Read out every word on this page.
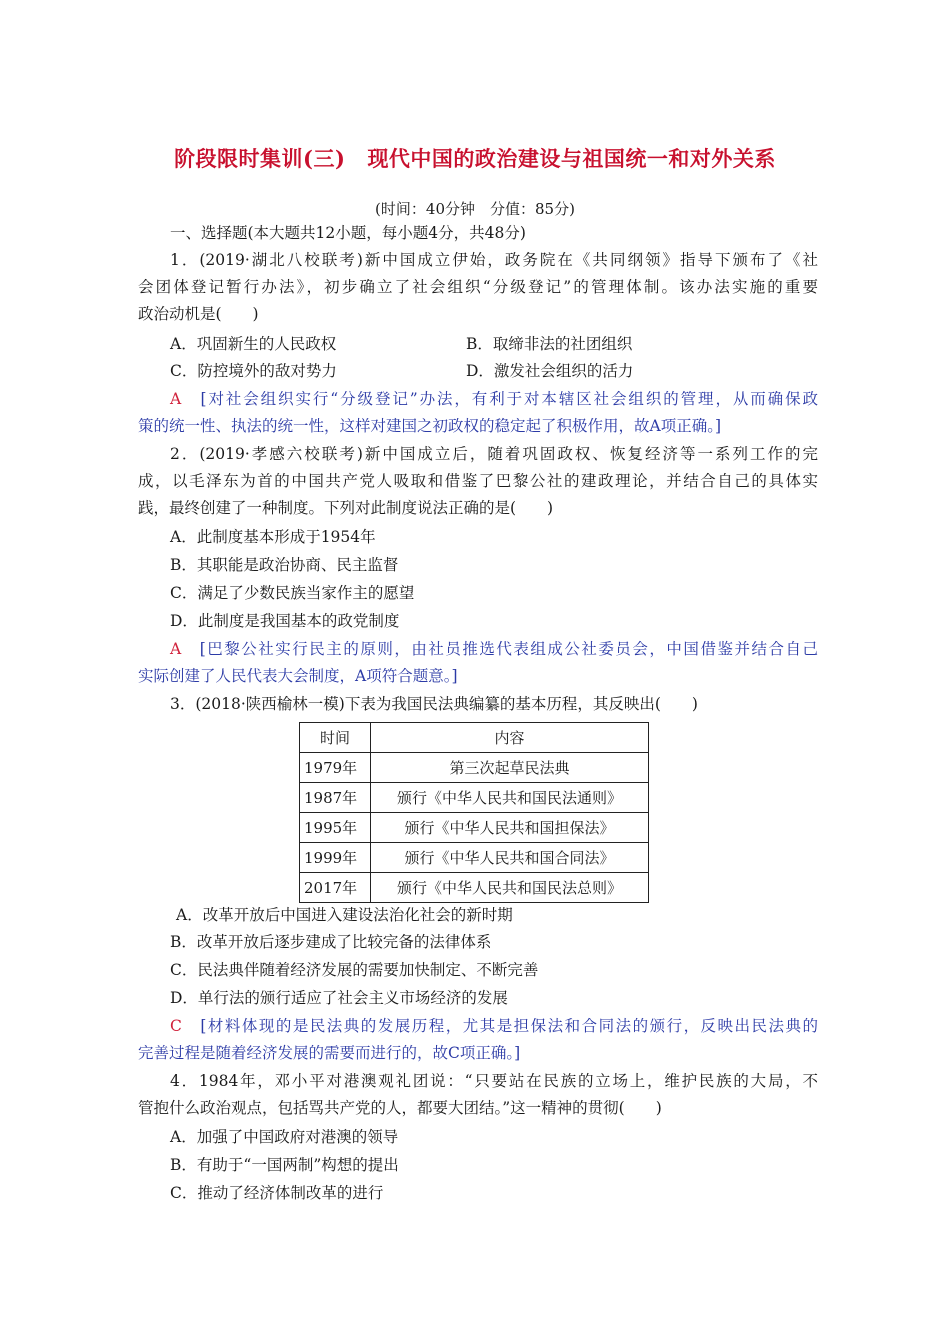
阶段限时集训(三) 现代中国的政治建设与祖国统一和对外关系
(时间：40分钟　分值：85分)
一、选择题(本大题共12小题，每小题4分，共48分)
1．(2019·湖北八校联考)新中国成立伊始，政务院在《共同纲领》指导下颁布了《社
会团体登记暂行办法》，初步确立了社会组织“分级登记”的管理体制。该办法实施的重要
政治动机是(　　)
A．巩固新生的人民政权	B．取缔非法的社团组织
C．防控境外的敌对势力	D．激发社会组织的活力
A　 [对社会组织实行“分级登记”办法，有利于对本辖区社会组织的管理，从而确保政
策的统一性、执法的统一性，这样对建国之初政权的稳定起了积极作用，故A项正确。]
2．(2019·孝感六校联考)新中国成立后，随着巩固政权、恢复经济等一系列工作的完
成，以毛泽东为首的中国共产党人吸取和借鉴了巴黎公社的建政理论，并结合自己的具体实
践，最终创建了一种制度。下列对此制度说法正确的是(　　)
A．此制度基本形成于1954年
B．其职能是政治协商、民主监督
C．满足了少数民族当家作主的愿望
D．此制度是我国基本的政党制度
A　 [巴黎公社实行民主的原则，由社员推选代表组成公社委员会，中国借鉴并结合自己
实际创建了人民代表大会制度，A项符合题意。]
3．(2018·陕西榆林一模)下表为我国民法典编纂的基本历程，其反映出(　　)
时间	内容
1979年	第三次起草民法典
1987年	颁行《中华人民共和国民法通则》
1995年	颁行《中华人民共和国担保法》
1999年	颁行《中华人民共和国合同法》
2017年	颁行《中华人民共和国民法总则》
A．改革开放后中国进入建设法治化社会的新时期
B．改革开放后逐步建成了比较完备的法律体系
C．民法典伴随着经济发展的需要加快制定、不断完善
D．单行法的颁行适应了社会主义市场经济的发展
C　 [材料体现的是民法典的发展历程，尤其是担保法和合同法的颁行，反映出民法典的
完善过程是随着经济发展的需要而进行的，故C项正确。]
4．1984年，邓小平对港澳观礼团说：“只要站在民族的立场上，维护民族的大局，不
管抱什么政治观点，包括骂共产党的人，都要大团结。”这一精神的贯彻(　　)
A．加强了中国政府对港澳的领导
B．有助于“一国两制”构想的提出
C．推动了经济体制改革的进行
